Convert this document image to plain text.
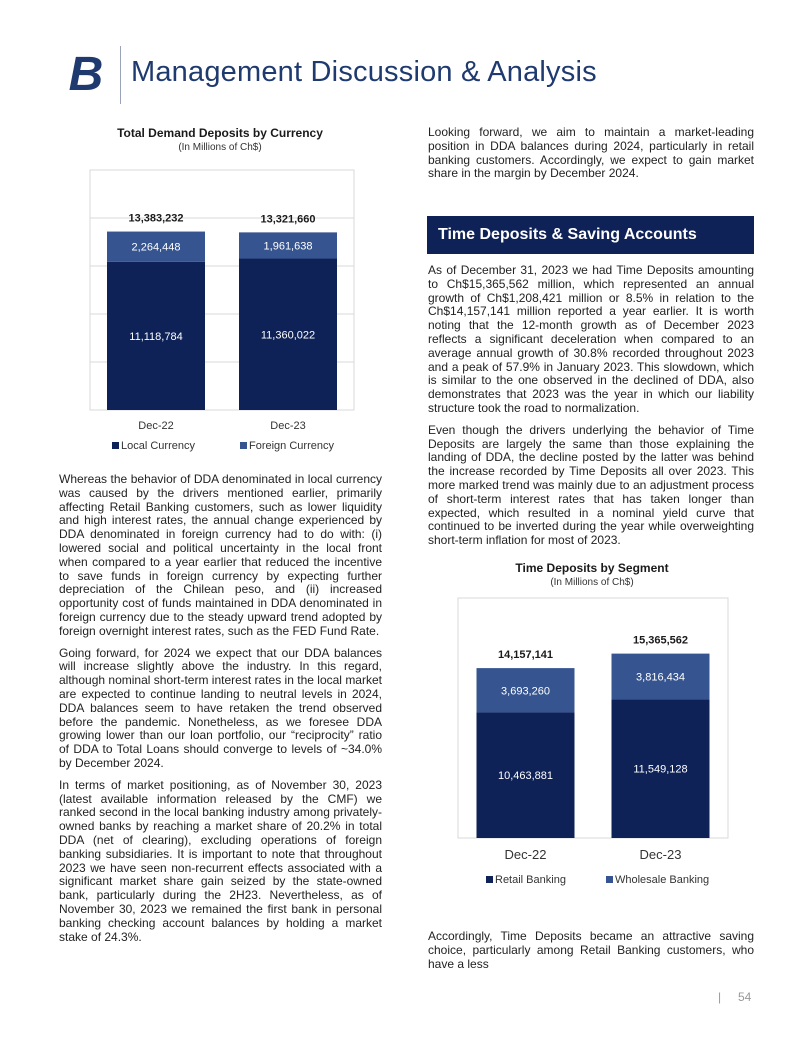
B Management Discussion & Analysis
Total Demand Deposits by Currency
(In Millions of Ch$)
11,118,784
2,264,448
13,383,232
Dec-22
11,360,022
1,961,638
13,321,660
Dec-23
Local Currency	Foreign Currency

Whereas the behavior of DDA denominated in local currency was caused by the drivers mentioned earlier, primarily affecting Retail Banking customers, such as lower liquidity and high interest rates, the annual change experienced by DDA denominated in foreign currency had to do with: (i) lowered social and political uncertainty in the local front when compared to a year earlier that reduced the incentive to save funds in foreign currency by expecting further depreciation of the Chilean peso, and (ii) increased opportunity cost of funds maintained in DDA denominated in foreign currency due to the steady upward trend adopted by foreign overnight interest rates, such as the FED Fund Rate.

Going forward, for 2024 we expect that our DDA balances will increase slightly above the industry. In this regard, although nominal short-term interest rates in the local market are expected to continue landing to neutral levels in 2024, DDA balances seem to have retaken the trend observed before the pandemic. Nonetheless, as we foresee DDA growing lower than our loan portfolio, our “reciprocity” ratio of DDA to Total Loans should converge to levels of ~34.0% by December 2024.

In terms of market positioning, as of November 30, 2023 (latest available information released by the CMF) we ranked second in the local banking industry among privately-owned banks by reaching a market share of 20.2% in total DDA (net of clearing), excluding operations of foreign banking subsidiaries. It is important to note that throughout 2023 we have seen non-recurrent effects associated with a significant market share gain seized by the state-owned bank, particularly during the 2H23. Nevertheless, as of November 30, 2023 we remained the first bank in personal banking checking account balances by holding a market stake of 24.3%.

Looking forward, we aim to maintain a market-leading position in DDA balances during 2024, particularly in retail banking customers. Accordingly, we expect to gain market share in the margin by December 2024.

Time Deposits & Saving Accounts

As of December 31, 2023 we had Time Deposits amounting to Ch$15,365,562 million, which represented an annual growth of Ch$1,208,421 million or 8.5% in relation to the Ch$14,157,141 million reported a year earlier. It is worth noting that the 12-month growth as of December 2023 reflects a significant deceleration when compared to an average annual growth of 30.8% recorded throughout 2023 and a peak of 57.9% in January 2023. This slowdown, which is similar to the one observed in the declined of DDA, also demonstrates that 2023 was the year in which our liability structure took the road to normalization.

Even though the drivers underlying the behavior of Time Deposits are largely the same than those explaining the landing of DDA, the decline posted by the latter was behind the increase recorded by Time Deposits all over 2023. This more marked trend was mainly due to an adjustment process of short-term interest rates that has taken longer than expected, which resulted in a nominal yield curve that continued to be inverted during the year while overweighting short-term inflation for most of 2023.

Time Deposits by Segment
(In Millions of Ch$)
10,463,881
3,693,260
14,157,141
Dec-22
11,549,128
3,816,434
15,365,562
Dec-23
Retail Banking	Wholesale Banking

Accordingly, Time Deposits became an attractive saving choice, particularly among Retail Banking customers, who have a less

| 54
